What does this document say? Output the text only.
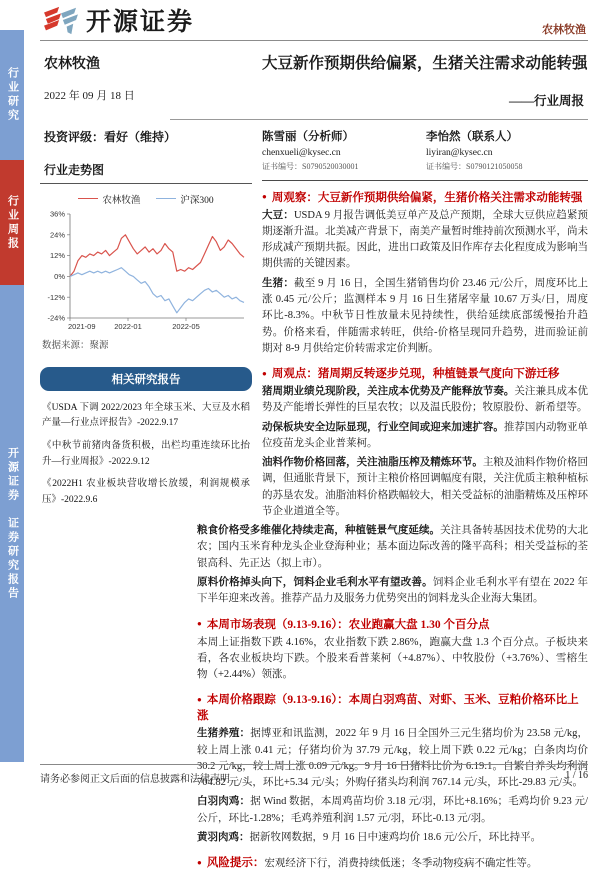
行业研究
行业周报
开源证券　证券研究报告
开源证券	农林牧渔
农林牧渔
2022 年 09 月 18 日
大豆新作预期供给偏紧，生猪关注需求动能转强
——行业周报
投资评级：看好（维持）
行业走势图
农林牧渔	沪深300
36%
24%
12%
0%
-12%
-24%
2021-09 2022-01	2022-05
数据来源：聚源
相关研究报告
《USDA 下调 2022/2023 年全球玉米、大豆及水稻产量—行业点评报告》-2022.9.17
《中秋节前猪肉备货积极，出栏均重连续环比抬升—行业周报》-2022.9.12
《2022H1 农业板块营收增长放缓，利润规模承压》-2022.9.6
陈雪丽（分析师）
chenxueli@kysec.cn
证书编号：S0790520030001
李怡然（联系人）
liyiran@kysec.cn
证书编号：S0790121050058
● 周观察：大豆新作预期供给偏紧，生猪价格关注需求动能转强
大豆：USDA 9 月报告调低美豆单产及总产预期，全球大豆供应趋紧预期逐渐升温。北美减产背景下，南美产量暂时维持前次预测水平，尚未形成减产预期共振。因此，进出口政策及旧作库存去化程度成为影响当期供需的关键因素。
生猪：截至 9 月 16 日，全国生猪销售均价 23.46 元/公斤，周度环比上涨 0.45 元/公斤；监测样本 9 月 16 日生猪屠宰量 10.67 万头/日，周度环比-8.3%。中秋节日性放量未见持续性，供给延续底部缓慢抬升趋势。价格来看，伴随需求转旺，供给-价格呈现同升趋势，进而验证前期对 8-9 月供给定价转需求定价判断。
● 周观点：猪周期反转逐步兑现，种植链景气度向下游迁移
猪周期业绩兑现阶段，关注成本优势及产能释放节奏。关注兼具成本优势及产能增长弹性的巨星农牧；以及温氏股份；牧原股份、新希望等。
动保板块安全边际显现，行业空间或迎来加速扩容。推荐国内动物亚单位疫苗龙头企业普莱柯。
油料作物价格回落，关注油脂压榨及精炼环节。主粮及油料作物价格回调，但通胀背景下，预计主粮价格回调幅度有限，关注优质主粮种植标的苏垦农发。油脂油料价格跌幅较大，相关受益标的油脂精炼及压榨环节企业道道全等。
粮食价格受多维催化持续走高，种植链景气度延续。关注具备转基因技术优势的大北农；国内玉米育种龙头企业登海种业；基本面边际改善的隆平高科；相关受益标的荃银高科、先正达（拟上市）。
原料价格掉头向下，饲料企业毛利水平有望改善。饲料企业毛利水平有望在 2022 年下半年迎来改善。推荐产品力及服务力优势突出的饲料龙头企业海大集团。
● 本周市场表现（9.13-9.16）：农业跑赢大盘 1.30 个百分点
本周上证指数下跌 4.16%，农业指数下跌 2.86%，跑赢大盘 1.3 个百分点。子板块来看，各农业板块均下跌。个股来看普莱柯（+4.87%）、中牧股份（+3.76%）、雪榕生物（+2.44%）领涨。
● 本周价格跟踪（9.13-9.16）：本周白羽鸡苗、对虾、玉米、豆粕价格环比上涨
生猪养殖：据博亚和讯监测，2022 年 9 月 16 日全国外三元生猪均价为 23.58 元/kg，较上周上涨 0.41 元；仔猪均价为 37.79 元/kg，较上周下跌 0.22 元/kg；白条肉均价 30.2 元/kg，较上周上涨 0.09 元/kg。9 月 16 日猪料比价为 6.19:1。自繁自养头均利润 704.82 元/头，环比+5.34 元/头；外购仔猪头均利润 767.14 元/头，环比-29.83 元/头。
白羽肉鸡：据 Wind 数据，本周鸡苗均价 3.18 元/羽，环比+8.16%；毛鸡均价 9.23 元/公斤，环比-1.28%；毛鸡养殖利润 1.57 元/羽，环比-0.13 元/羽。
黄羽肉鸡：据新牧网数据，9 月 16 日中速鸡均价 18.6 元/公斤，环比持平。
● 风险提示：宏观经济下行，消费持续低迷；冬季动物疫病不确定性等。
请务必参阅正文后面的信息披露和法律声明	1 / 16
